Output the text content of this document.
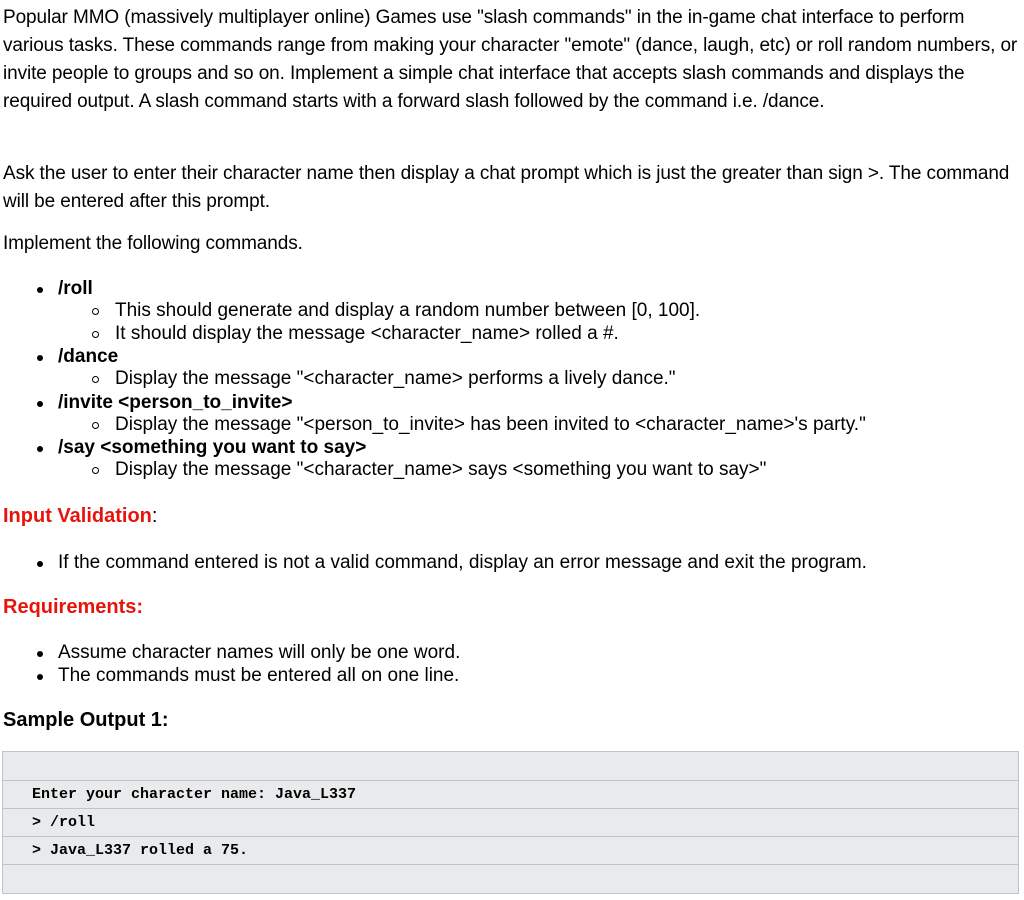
Popular MMO (massively multiplayer online) Games use "slash commands" in the in-game chat interface to perform various tasks. These commands range from making your character "emote" (dance, laugh, etc) or roll random numbers, or invite people to groups and so on. Implement a simple chat interface that accepts slash commands and displays the required output. A slash command starts with a forward slash followed by the command i.e. /dance.

Ask the user to enter their character name then display a chat prompt which is just the greater than sign >. The command will be entered after this prompt.

Implement the following commands.

/roll
This should generate and display a random number between [0, 100].
It should display the message <character_name> rolled a #.
/dance
Display the message "<character_name> performs a lively dance."
/invite <person_to_invite>
Display the message "<person_to_invite> has been invited to <character_name>'s party."
/say <something you want to say>
Display the message "<character_name> says <something you want to say>"
Input Validation:
If the command entered is not a valid command, display an error message and exit the program.
Requirements:
Assume character names will only be one word.
The commands must be entered all on one line.
Sample Output 1:
Enter your character name: Java_L337
> /roll
> Java_L337 rolled a 75.
